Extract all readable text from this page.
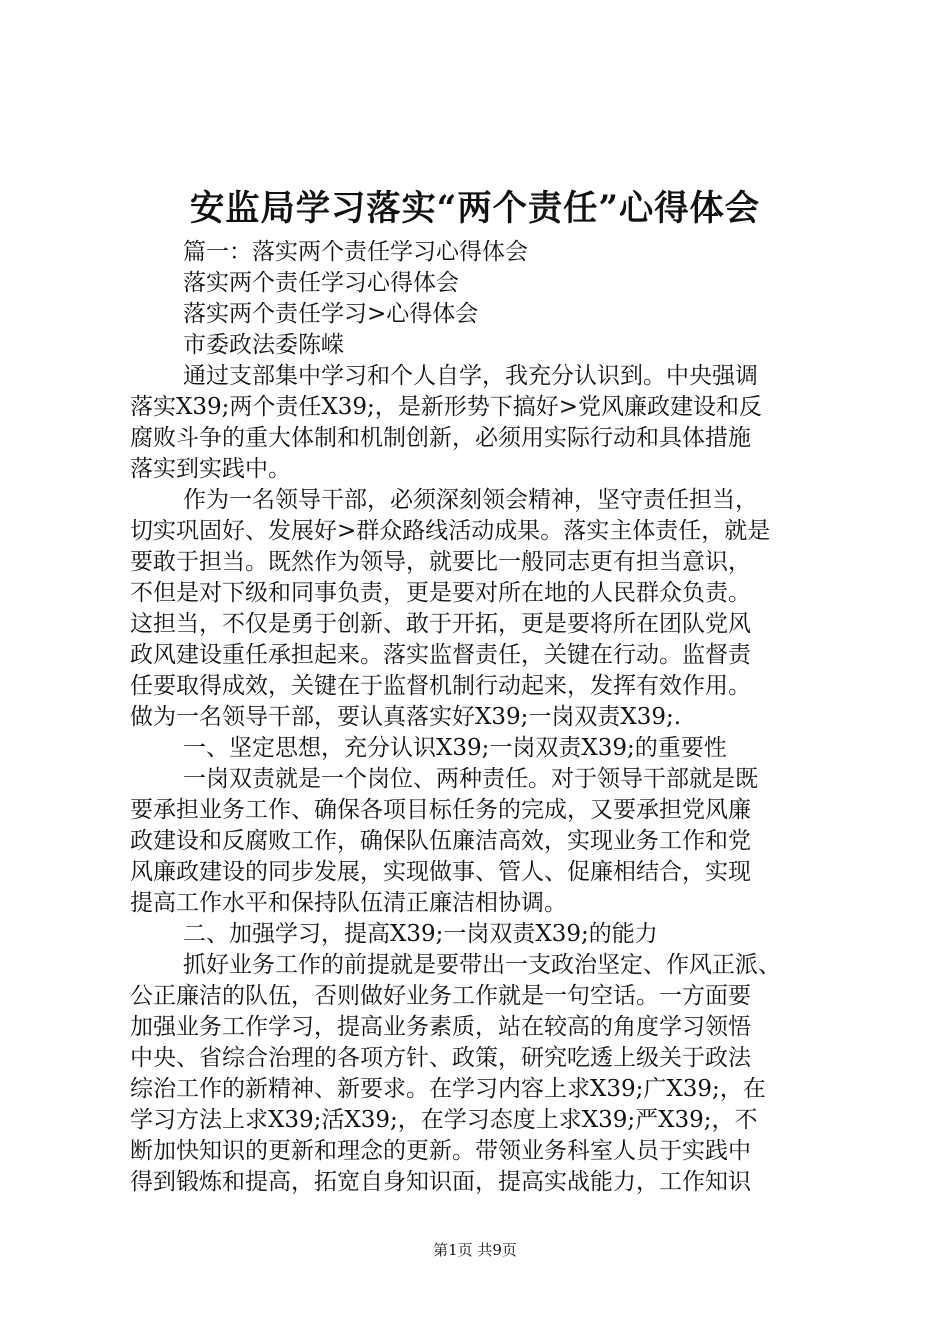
安监局学习落实“两个责任”心得体会
篇一：落实两个责任学习心得体会
落实两个责任学习心得体会
落实两个责任学习>心得体会
市委政法委陈嵘
通过支部集中学习和个人自学，我充分认识到。中央强调
落实X39;两个责任X39;，是新形势下搞好>党风廉政建设和反
腐败斗争的重大体制和机制创新，必须用实际行动和具体措施
落实到实践中。
作为一名领导干部，必须深刻领会精神，坚守责任担当，
切实巩固好、发展好>群众路线活动成果。落实主体责任，就是
要敢于担当。既然作为领导，就要比一般同志更有担当意识，
不但是对下级和同事负责，更是要对所在地的人民群众负责。
这担当，不仅是勇于创新、敢于开拓，更是要将所在团队党风
政风建设重任承担起来。落实监督责任，关键在行动。监督责
任要取得成效，关键在于监督机制行动起来，发挥有效作用。
做为一名领导干部，要认真落实好X39;一岗双责X39;.
一、坚定思想，充分认识X39;一岗双责X39;的重要性
一岗双责就是一个岗位、两种责任。对于领导干部就是既
要承担业务工作、确保各项目标任务的完成，又要承担党风廉
政建设和反腐败工作，确保队伍廉洁高效，实现业务工作和党
风廉政建设的同步发展，实现做事、管人、促廉相结合，实现
提高工作水平和保持队伍清正廉洁相协调。
二、加强学习，提高X39;一岗双责X39;的能力
抓好业务工作的前提就是要带出一支政治坚定、作风正派、
公正廉洁的队伍，否则做好业务工作就是一句空话。一方面要
加强业务工作学习，提高业务素质，站在较高的角度学习领悟
中央、省综合治理的各项方针、政策，研究吃透上级关于政法
综治工作的新精神、新要求。在学习内容上求X39;广X39;，在
学习方法上求X39;活X39;，在学习态度上求X39;严X39;，不
断加快知识的更新和理念的更新。带领业务科室人员于实践中
得到锻炼和提高，拓宽自身知识面，提高实战能力，工作知识
第1页 共9页
